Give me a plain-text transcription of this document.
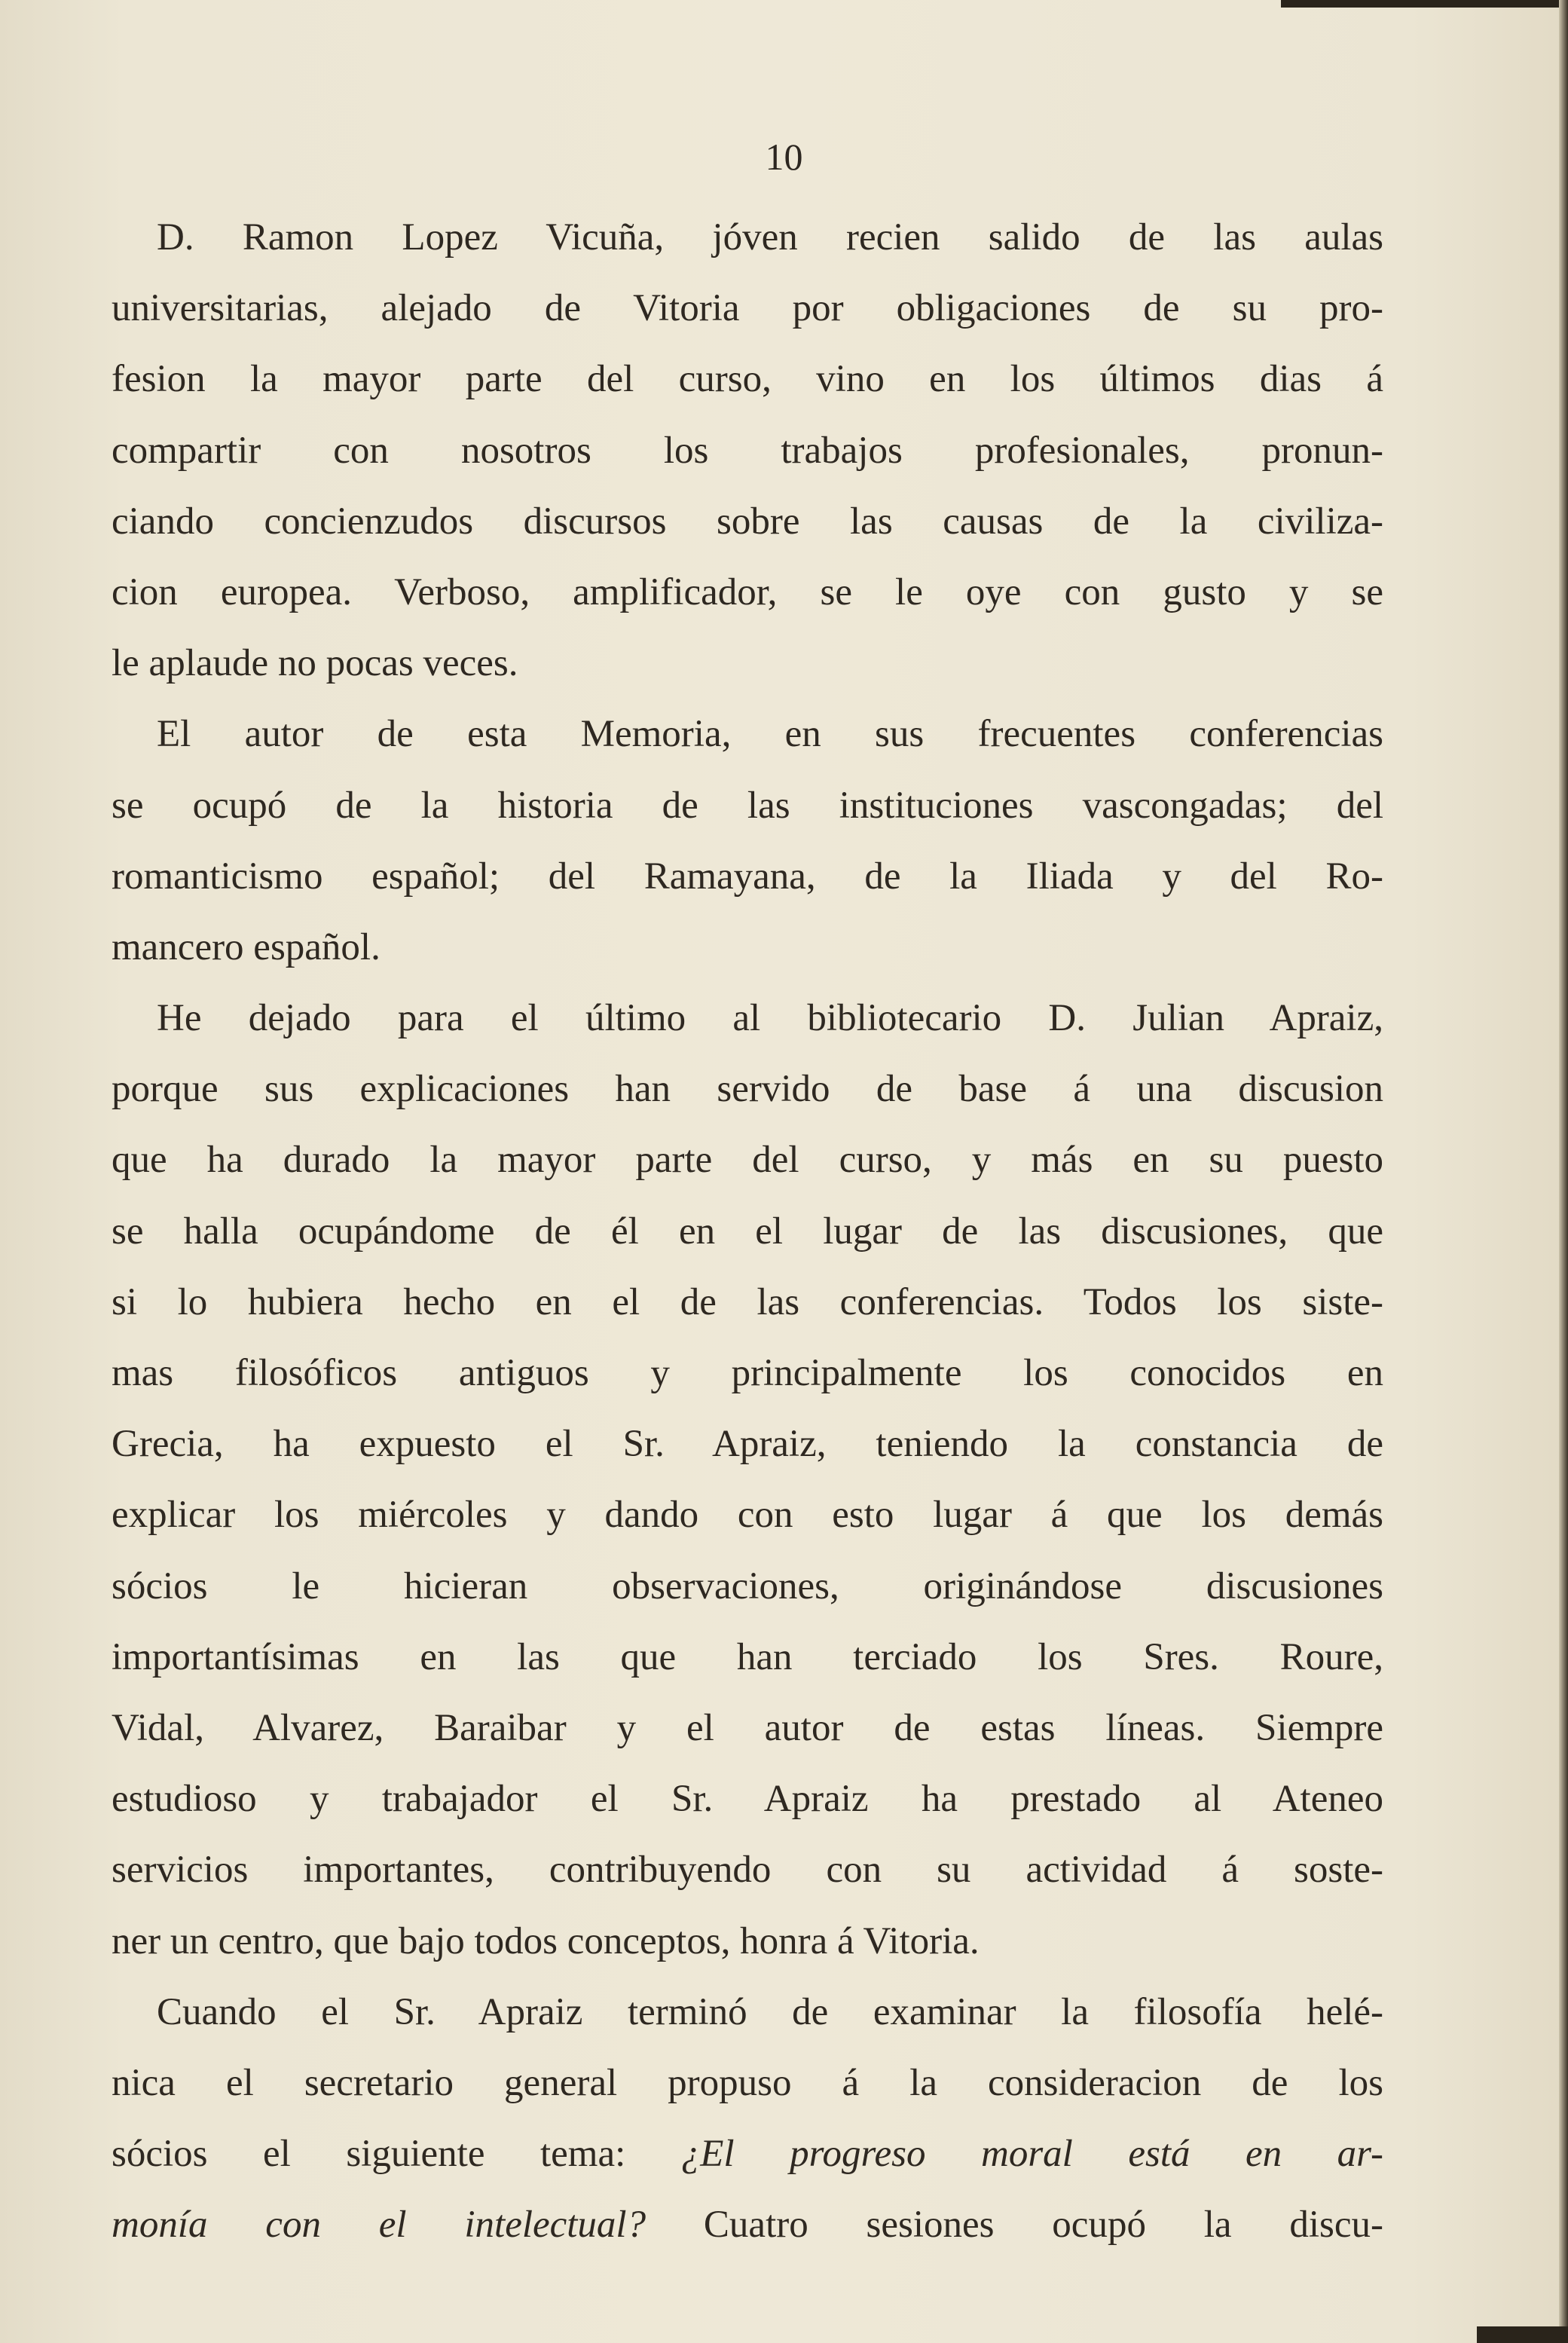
10
D. Ramon Lopez Vicuña, jóven recien salido de las aulas
universitarias, alejado de Vitoria por obligaciones de su pro-
fesion la mayor parte del curso, vino en los últimos dias á
compartir con nosotros los trabajos profesionales, pronun-
ciando concienzudos discursos sobre las causas de la civiliza-
cion europea. Verboso, amplificador, se le oye con gusto y se
le aplaude no pocas veces.
El autor de esta Memoria, en sus frecuentes conferencias
se ocupó de la historia de las instituciones vascongadas; del
romanticismo español; del Ramayana, de la Iliada y del Ro-
mancero español.
He dejado para el último al bibliotecario D. Julian Apraiz,
porque sus explicaciones han servido de base á una discusion
que ha durado la mayor parte del curso, y más en su puesto
se halla ocupándome de él en el lugar de las discusiones, que
si lo hubiera hecho en el de las conferencias. Todos los siste-
mas filosóficos antiguos y principalmente los conocidos en
Grecia, ha expuesto el Sr. Apraiz, teniendo la constancia de
explicar los miércoles y dando con esto lugar á que los demás
sócios le hicieran observaciones, originándose discusiones
importantísimas en las que han terciado los Sres. Roure,
Vidal, Alvarez, Baraibar y el autor de estas líneas. Siempre
estudioso y trabajador el Sr. Apraiz ha prestado al Ateneo
servicios importantes, contribuyendo con su actividad á soste-
ner un centro, que bajo todos conceptos, honra á Vitoria.
Cuando el Sr. Apraiz terminó de examinar la filosofía helé-
nica el secretario general propuso á la consideracion de los
sócios el siguiente tema: ¿El progreso moral está en ar-
monía con el intelectual? Cuatro sesiones ocupó la discu-
